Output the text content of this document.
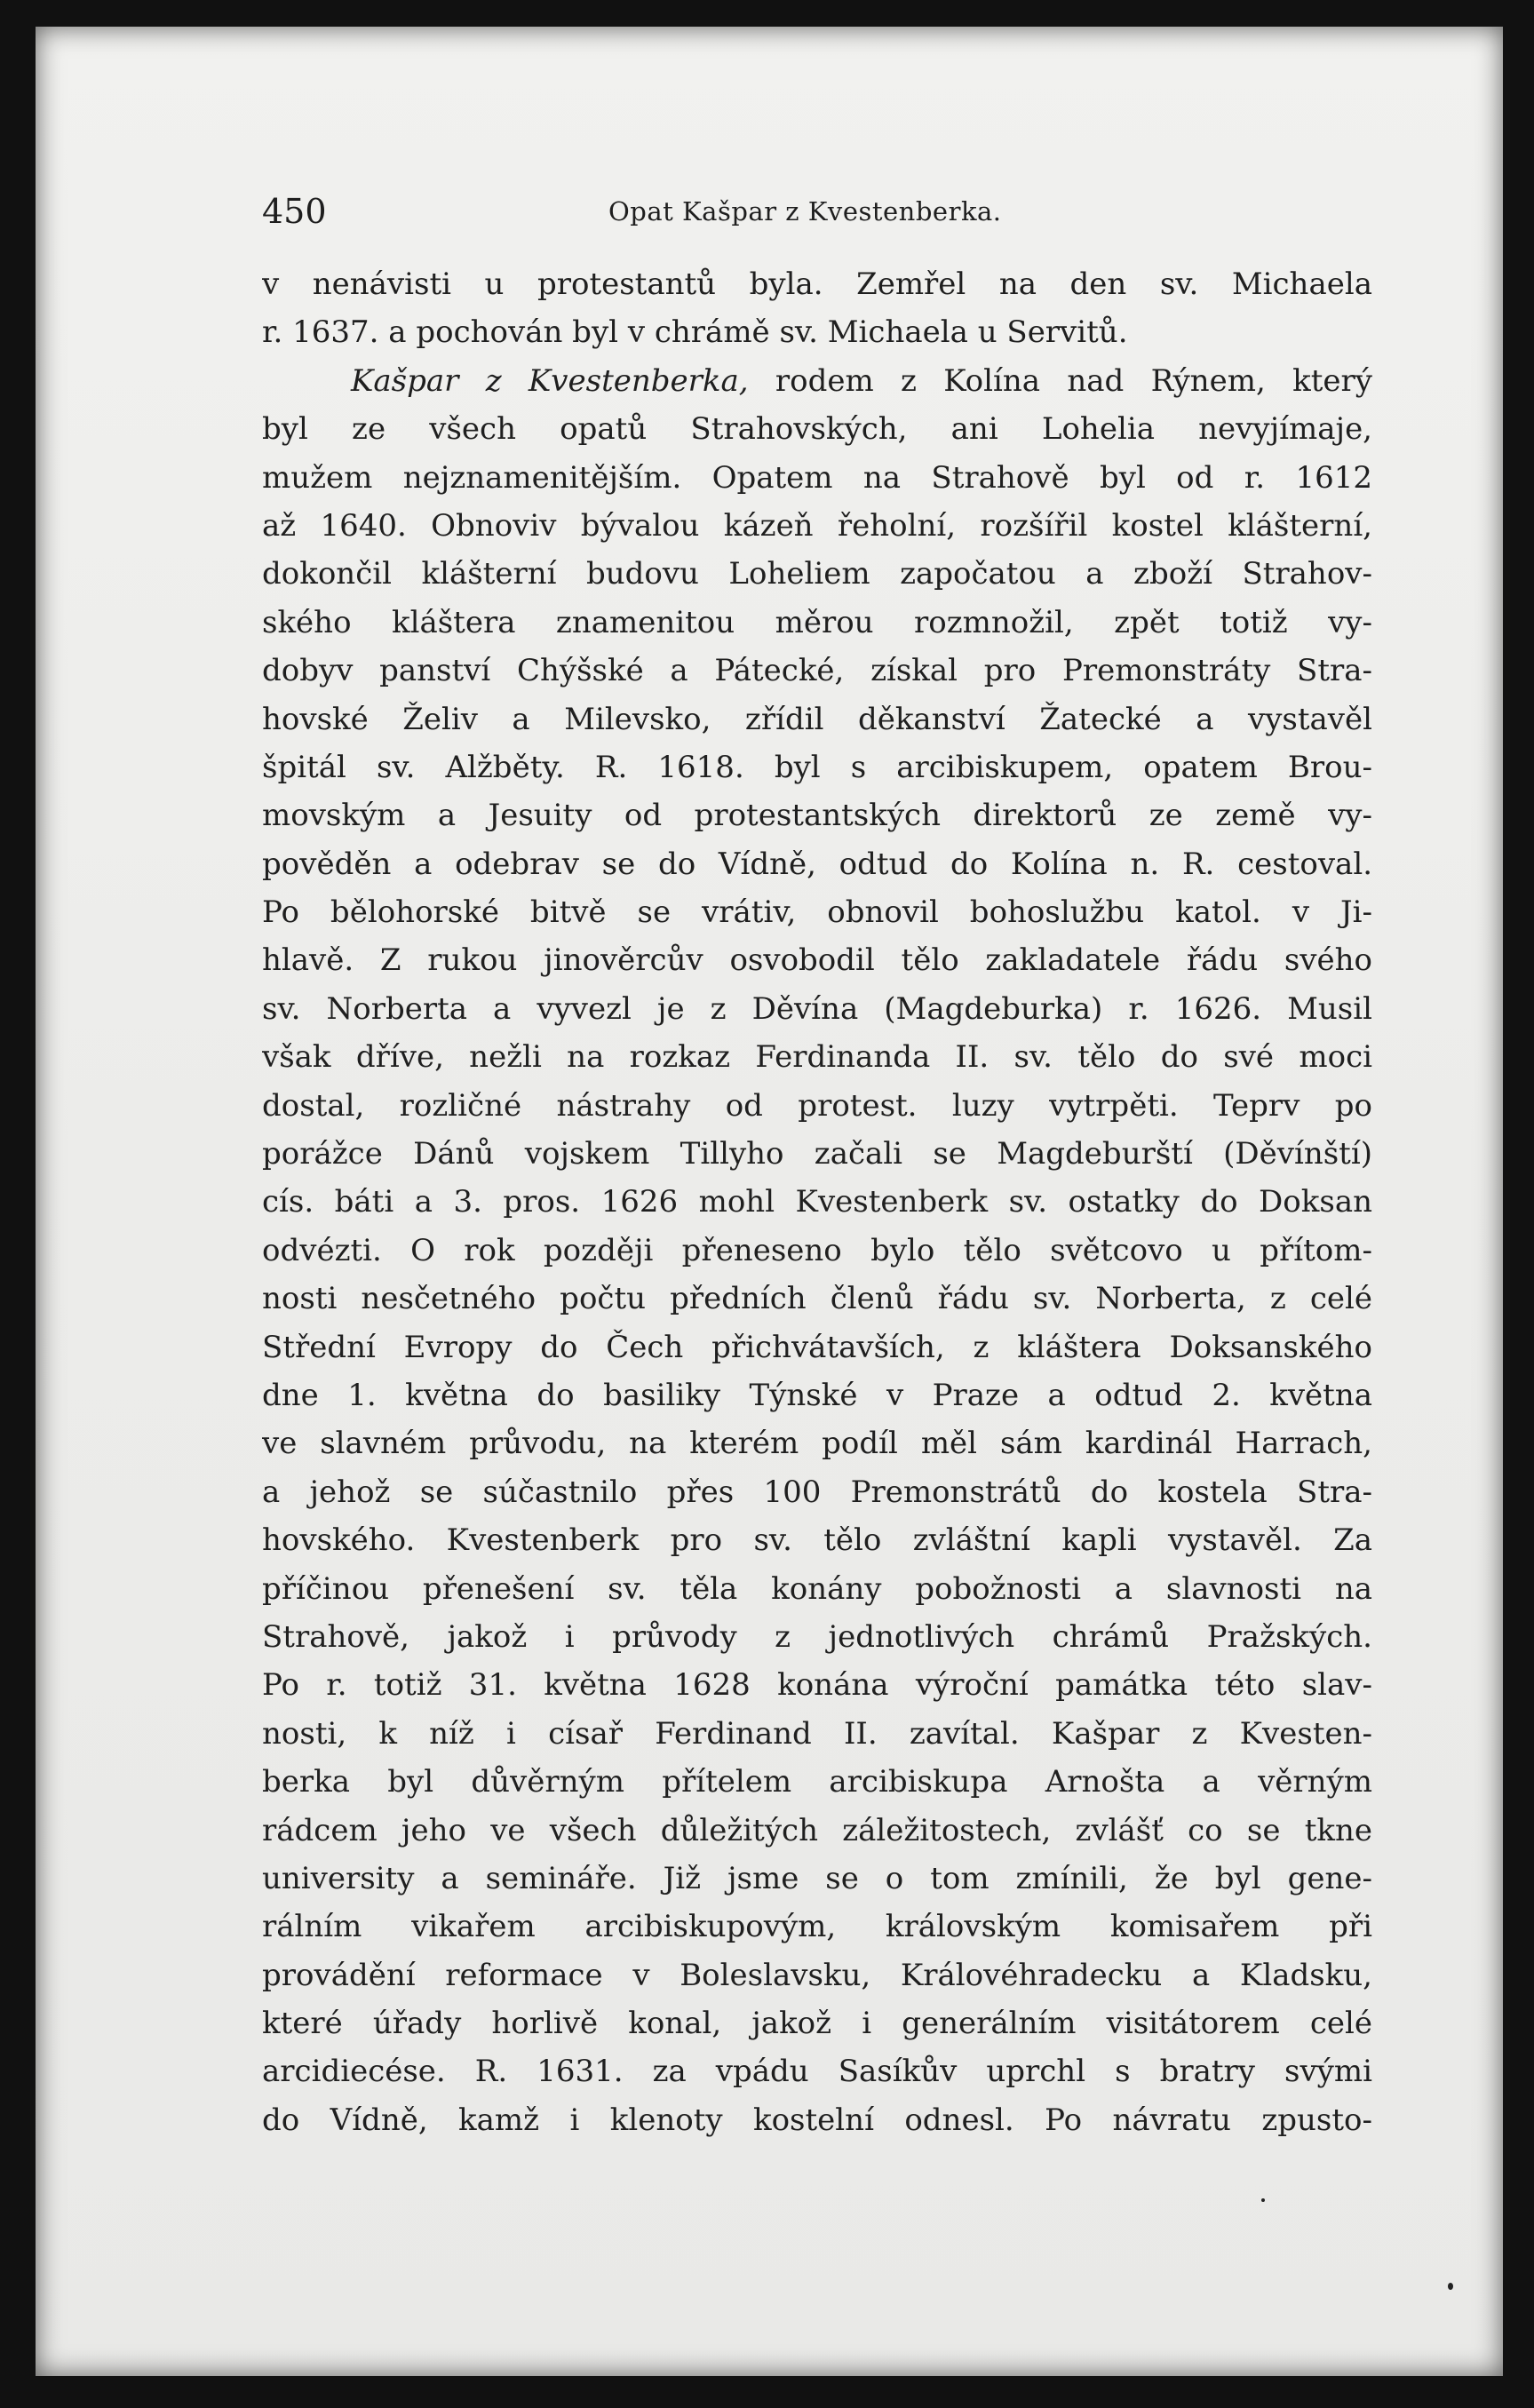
450	Opat Kašpar z Kvestenberka.
v nenávisti u protestantů byla. Zemřel na den sv. Michaela
r. 1637. a pochován byl v chrámě sv. Michaela u Servitů.
Kašpar z Kvestenberka, rodem z Kolína nad Rýnem, který
byl ze všech opatů Strahovských, ani Lohelia nevyjímaje,
mužem nejznamenitějším. Opatem na Strahově byl od r. 1612
až 1640. Obnoviv bývalou kázeň řeholní, rozšířil kostel klášterní,
dokončil klášterní budovu Loheliem započatou a zboží Strahov-
ského kláštera znamenitou měrou rozmnožil, zpět totiž vy-
dobyv panství Chýšské a Pátecké, získal pro Premonstráty Stra-
hovské Želiv a Milevsko, zřídil děkanství Žatecké a vystavěl
špitál sv. Alžběty. R. 1618. byl s arcibiskupem, opatem Brou-
movským a Jesuity od protestantských direktorů ze země vy-
pověděn a odebrav se do Vídně, odtud do Kolína n. R. cestoval.
Po bělohorské bitvě se vrátiv, obnovil bohoslužbu katol. v Ji-
hlavě. Z rukou jinověrcův osvobodil tělo zakladatele řádu svého
sv. Norberta a vyvezl je z Děvína (Magdeburka) r. 1626. Musil
však dříve, nežli na rozkaz Ferdinanda II. sv. tělo do své moci
dostal, rozličné nástrahy od protest. luzy vytrpěti. Teprv po
porážce Dánů vojskem Tillyho začali se Magdeburští (Děvínští)
cís. báti a 3. pros. 1626 mohl Kvestenberk sv. ostatky do Doksan
odvézti. O rok později přeneseno bylo tělo světcovo u přítom-
nosti nesčetného počtu předních členů řádu sv. Norberta, z celé
Střední Evropy do Čech přichvátavších, z kláštera Doksanského
dne 1. května do basiliky Týnské v Praze a odtud 2. května
ve slavném průvodu, na kterém podíl měl sám kardinál Harrach,
a jehož se súčastnilo přes 100 Premonstrátů do kostela Stra-
hovského. Kvestenberk pro sv. tělo zvláštní kapli vystavěl. Za
příčinou přenešení sv. těla konány pobožnosti a slavnosti na
Strahově, jakož i průvody z jednotlivých chrámů Pražských.
Po r. totiž 31. května 1628 konána výroční památka této slav-
nosti, k níž i císař Ferdinand II. zavítal. Kašpar z Kvesten-
berka byl důvěrným přítelem arcibiskupa Arnošta a věrným
rádcem jeho ve všech důležitých záležitostech, zvlášť co se tkne
university a semináře. Již jsme se o tom zmínili, že byl gene-
rálním vikařem arcibiskupovým, královským komisařem při
provádění reformace v Boleslavsku, Královéhradecku a Kladsku,
které úřady horlivě konal, jakož i generálním visitátorem celé
arcidiecése. R. 1631. za vpádu Sasíkův uprchl s bratry svými
do Vídně, kamž i klenoty kostelní odnesl. Po návratu zpusto-
